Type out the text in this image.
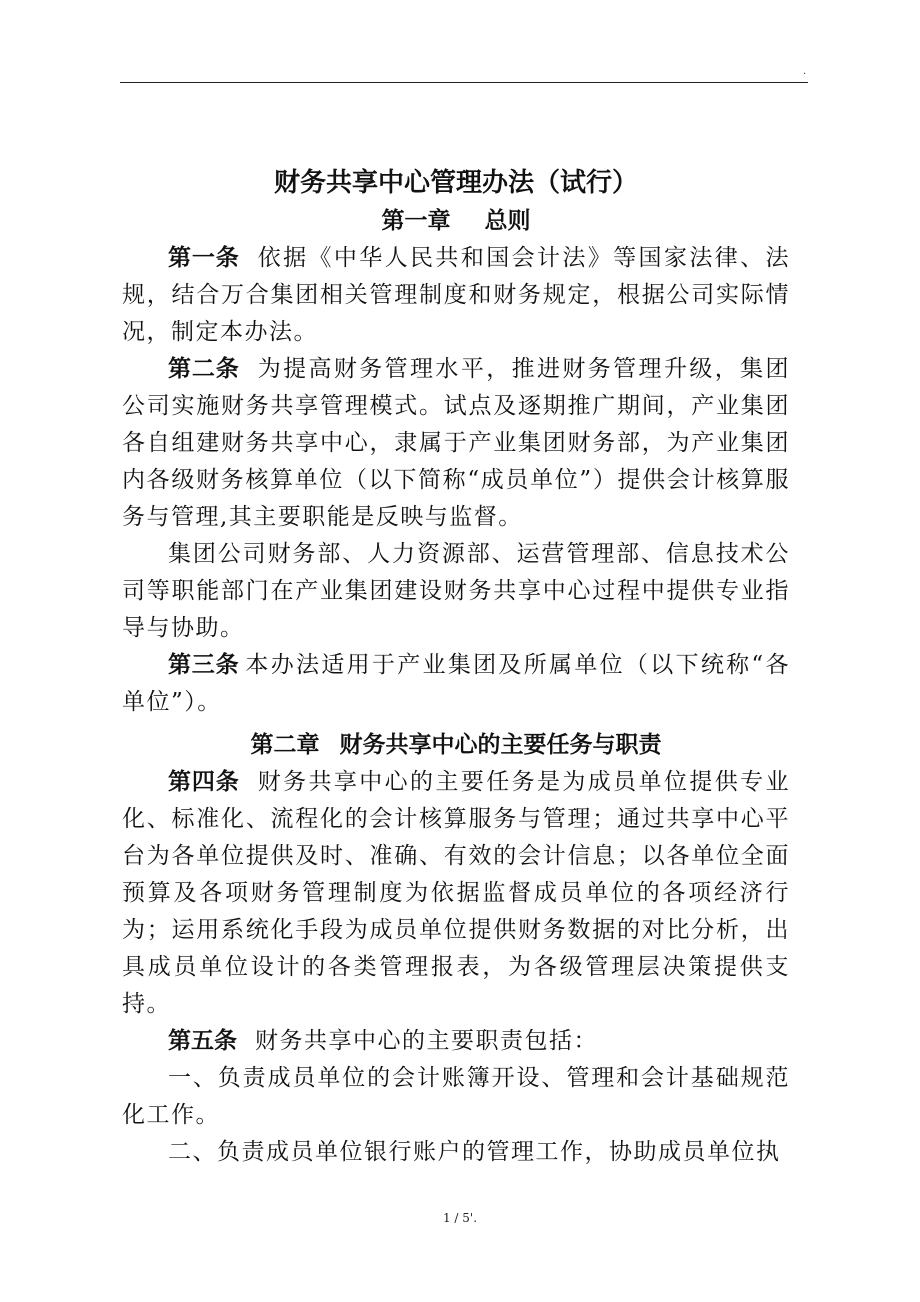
.
财务共享中心管理办法（试行）
第一章 总则

第一条 依据《中华人民共和国会计法》等国家法律、法规，结合万合集团相关管理制度和财务规定，根据公司实际情况，制定本办法。

第二条 为提高财务管理水平，推进财务管理升级，集团公司实施财务共享管理模式。试点及逐期推广期间，产业集团各自组建财务共享中心，隶属于产业集团财务部，为产业集团内各级财务核算单位（以下简称“成员单位”）提供会计核算服务与管理,其主要职能是反映与监督。

集团公司财务部、人力资源部、运营管理部、信息技术公司等职能部门在产业集团建设财务共享中心过程中提供专业指导与协助。

第三条 本办法适用于产业集团及所属单位（以下统称“各单位”）。

第二章 财务共享中心的主要任务与职责

第四条 财务共享中心的主要任务是为成员单位提供专业化、标准化、流程化的会计核算服务与管理；通过共享中心平台为各单位提供及时、准确、有效的会计信息；以各单位全面预算及各项财务管理制度为依据监督成员单位的各项经济行为；运用系统化手段为成员单位提供财务数据的对比分析，出具成员单位设计的各类管理报表，为各级管理层决策提供支持。

第五条 财务共享中心的主要职责包括：

一、负责成员单位的会计账簿开设、管理和会计基础规范化工作。

二、负责成员单位银行账户的管理工作，协助成员单位执

1 / 5'.
